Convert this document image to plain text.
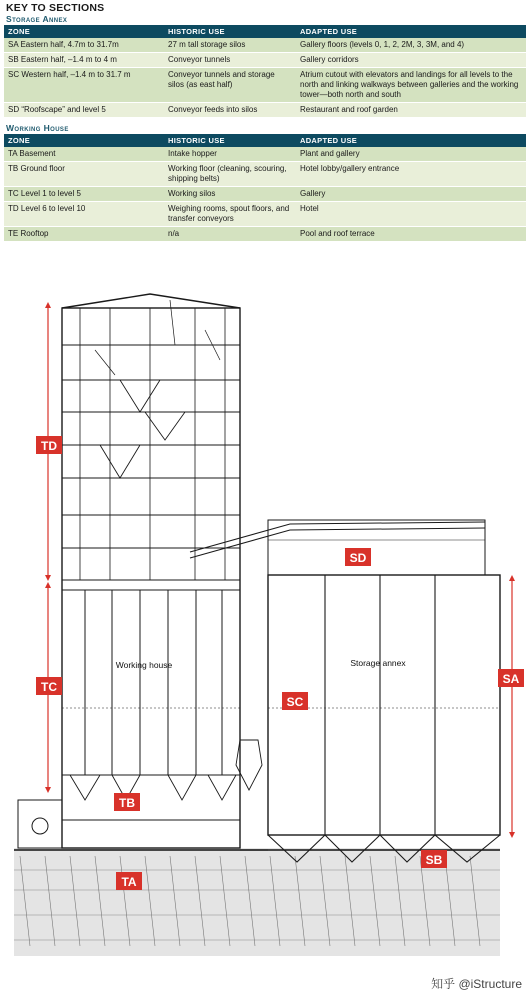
KEY TO SECTIONS
Storage Annex
ZONE	HISTORIC USE	ADAPTED USE
SA Eastern half, 4.7m to 31.7m	27 m tall storage silos	Gallery floors (levels 0, 1, 2, 2M, 3, 3M, and 4)
SB Eastern half, –1.4 m to 4 m	Conveyor tunnels	Gallery corridors
SC Western half, –1.4 m to 31.7 m	Conveyor tunnels and storage silos (as east half)	Atrium cutout with elevators and landings for all levels to the north and linking walkways between galleries and the working tower—both north and south
SD “Roofscape” and level 5	Conveyor feeds into silos	Restaurant and roof garden
Working House
ZONE	HISTORIC USE	ADAPTED USE
TA Basement	Intake hopper	Plant and gallery
TB Ground floor	Working floor (cleaning, scouring, shipping belts)	Hotel lobby/gallery entrance
TC Level 1 to level 5	Working silos	Gallery
TD Level 6 to level 10	Weighing rooms, spout floors, and transfer conveyors	Hotel
TE Rooftop	n/a	Pool and roof terrace
Working house	Storage annex
TD
TC
TB
TA
SD
SC
SA
SB
知乎 @iStructure
